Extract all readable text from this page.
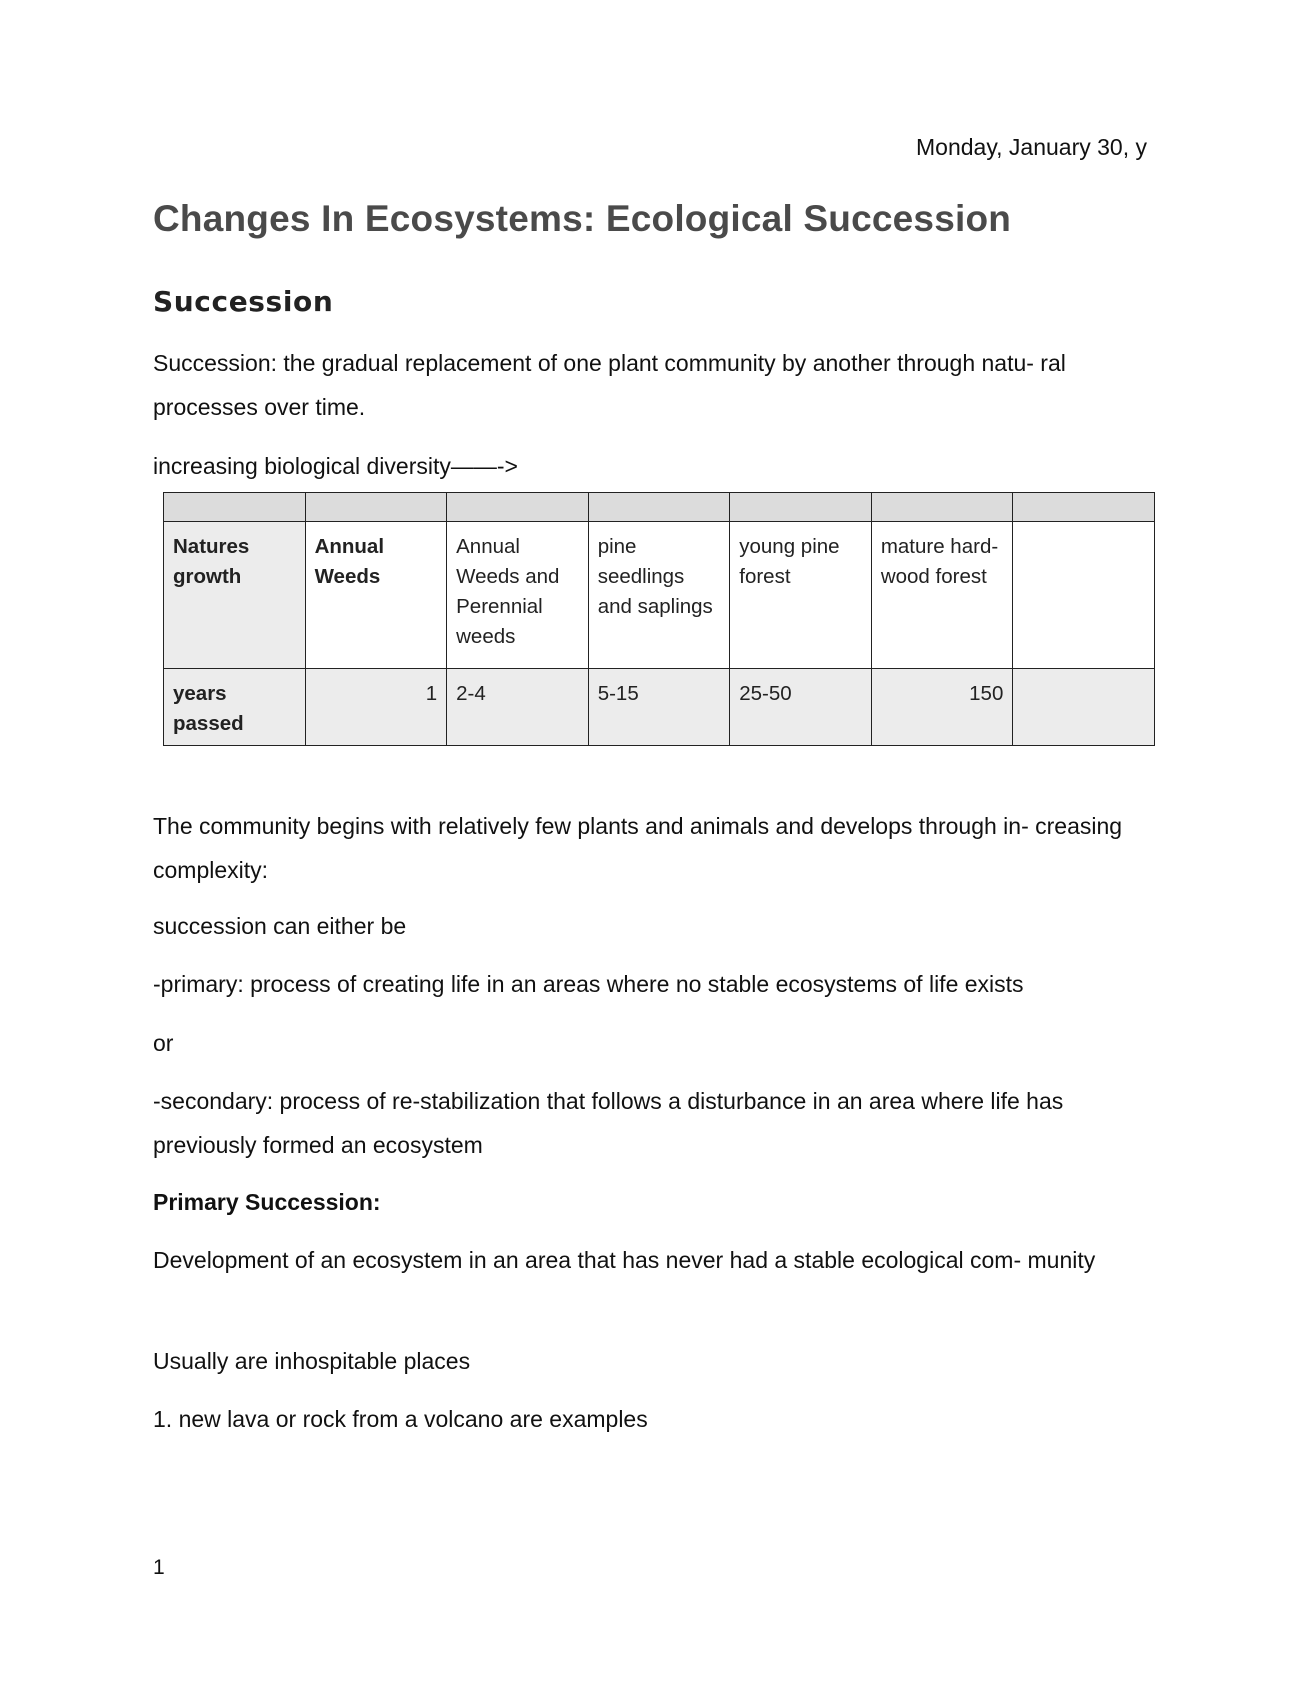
Monday, January 30, y
Changes In Ecosystems: Ecological Succession
Succession

Succession: the gradual replacement of one plant community by another through natu- ral processes over time.

increasing biological diversity——->

Natures growth	Annual Weeds	Annual Weeds and Perennial weeds	pine seedlings and saplings	young pine forest	mature hard- wood forest	
years passed	1	2-4	5-15	25-50	150	

The community begins with relatively few plants and animals and develops through in- creasing complexity:

succession can either be

-primary: process of creating life in an areas where no stable ecosystems of life exists

or

-secondary: process of re-stabilization that follows a disturbance in an area where life has previously formed an ecosystem

Primary Succession:

Development of an ecosystem in an area that has never had a stable ecological com- munity

Usually are inhospitable places

1. new lava or rock from a volcano are examples

1
